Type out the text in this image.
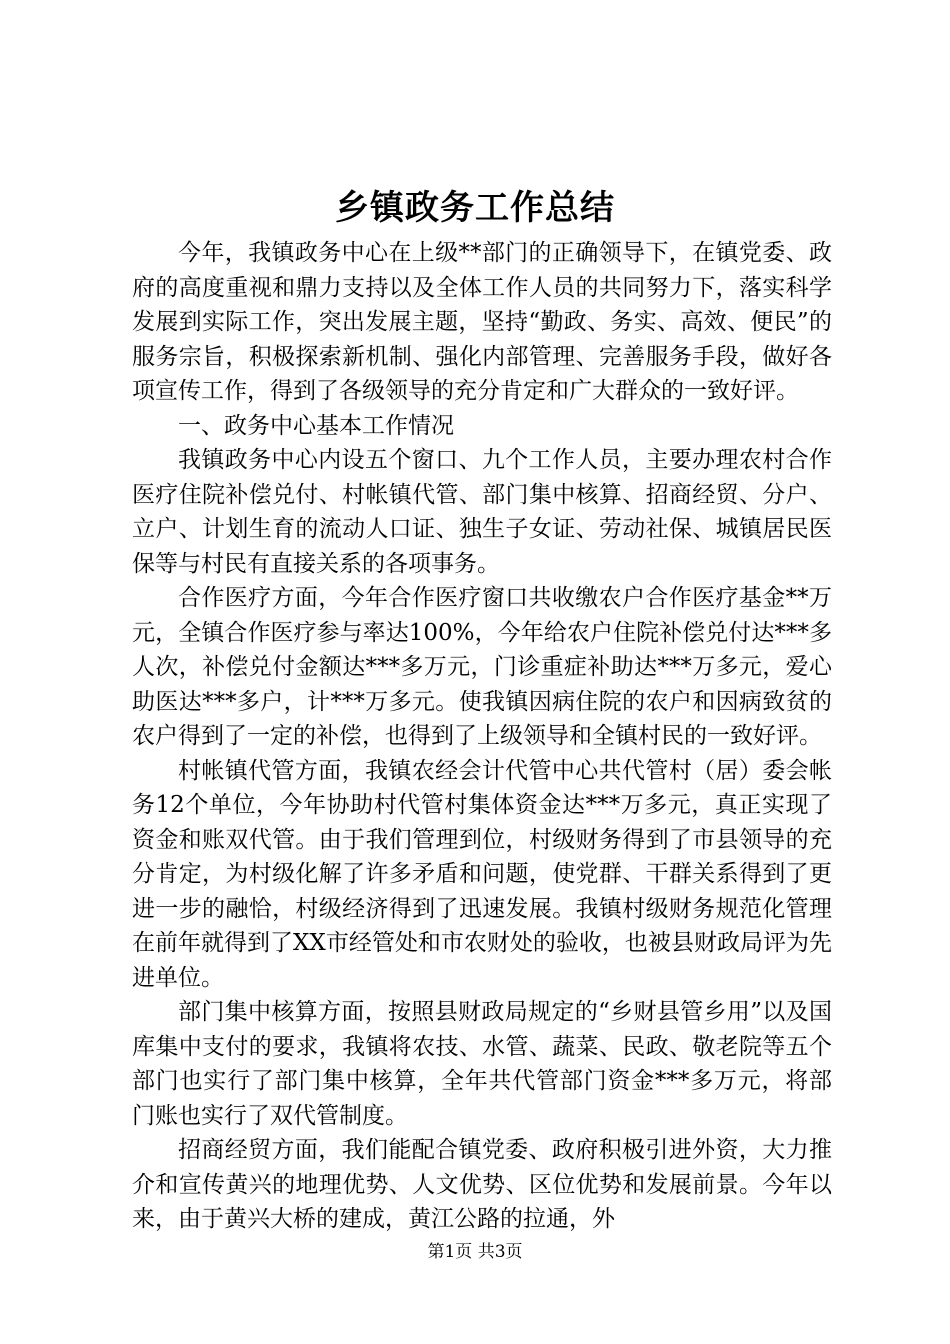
乡镇政务工作总结

今年，我镇政务中心在上级**部门的正确领导下，在镇党委、政府的高度重视和鼎力支持以及全体工作人员的共同努力下，落实科学发展到实际工作，突出发展主题，坚持“勤政、务实、高效、便民”的服务宗旨，积极探索新机制、强化内部管理、完善服务手段，做好各项宣传工作，得到了各级领导的充分肯定和广大群众的一致好评。

一、政务中心基本工作情况

我镇政务中心内设五个窗口、九个工作人员，主要办理农村合作医疗住院补偿兑付、村帐镇代管、部门集中核算、招商经贸、分户、立户、计划生育的流动人口证、独生子女证、劳动社保、城镇居民医保等与村民有直接关系的各项事务。

合作医疗方面，今年合作医疗窗口共收缴农户合作医疗基金**万元，全镇合作医疗参与率达100%，今年给农户住院补偿兑付达***多人次，补偿兑付金额达***多万元，门诊重症补助达***万多元，爱心助医达***多户，计***万多元。使我镇因病住院的农户和因病致贫的农户得到了一定的补偿，也得到了上级领导和全镇村民的一致好评。

村帐镇代管方面，我镇农经会计代管中心共代管村（居）委会帐务12个单位，今年协助村代管村集体资金达***万多元，真正实现了资金和账双代管。由于我们管理到位，村级财务得到了市县领导的充分肯定，为村级化解了许多矛盾和问题，使党群、干群关系得到了更进一步的融恰，村级经济得到了迅速发展。我镇村级财务规范化管理在前年就得到了XX市经管处和市农财处的验收，也被县财政局评为先进单位。

部门集中核算方面，按照县财政局规定的“乡财县管乡用”以及国库集中支付的要求，我镇将农技、水管、蔬菜、民政、敬老院等五个部门也实行了部门集中核算，全年共代管部门资金***多万元，将部门账也实行了双代管制度。

招商经贸方面，我们能配合镇党委、政府积极引进外资，大力推介和宣传黄兴的地理优势、人文优势、区位优势和发展前景。今年以来，由于黄兴大桥的建成，黄江公路的拉通，外

第1页 共3页
